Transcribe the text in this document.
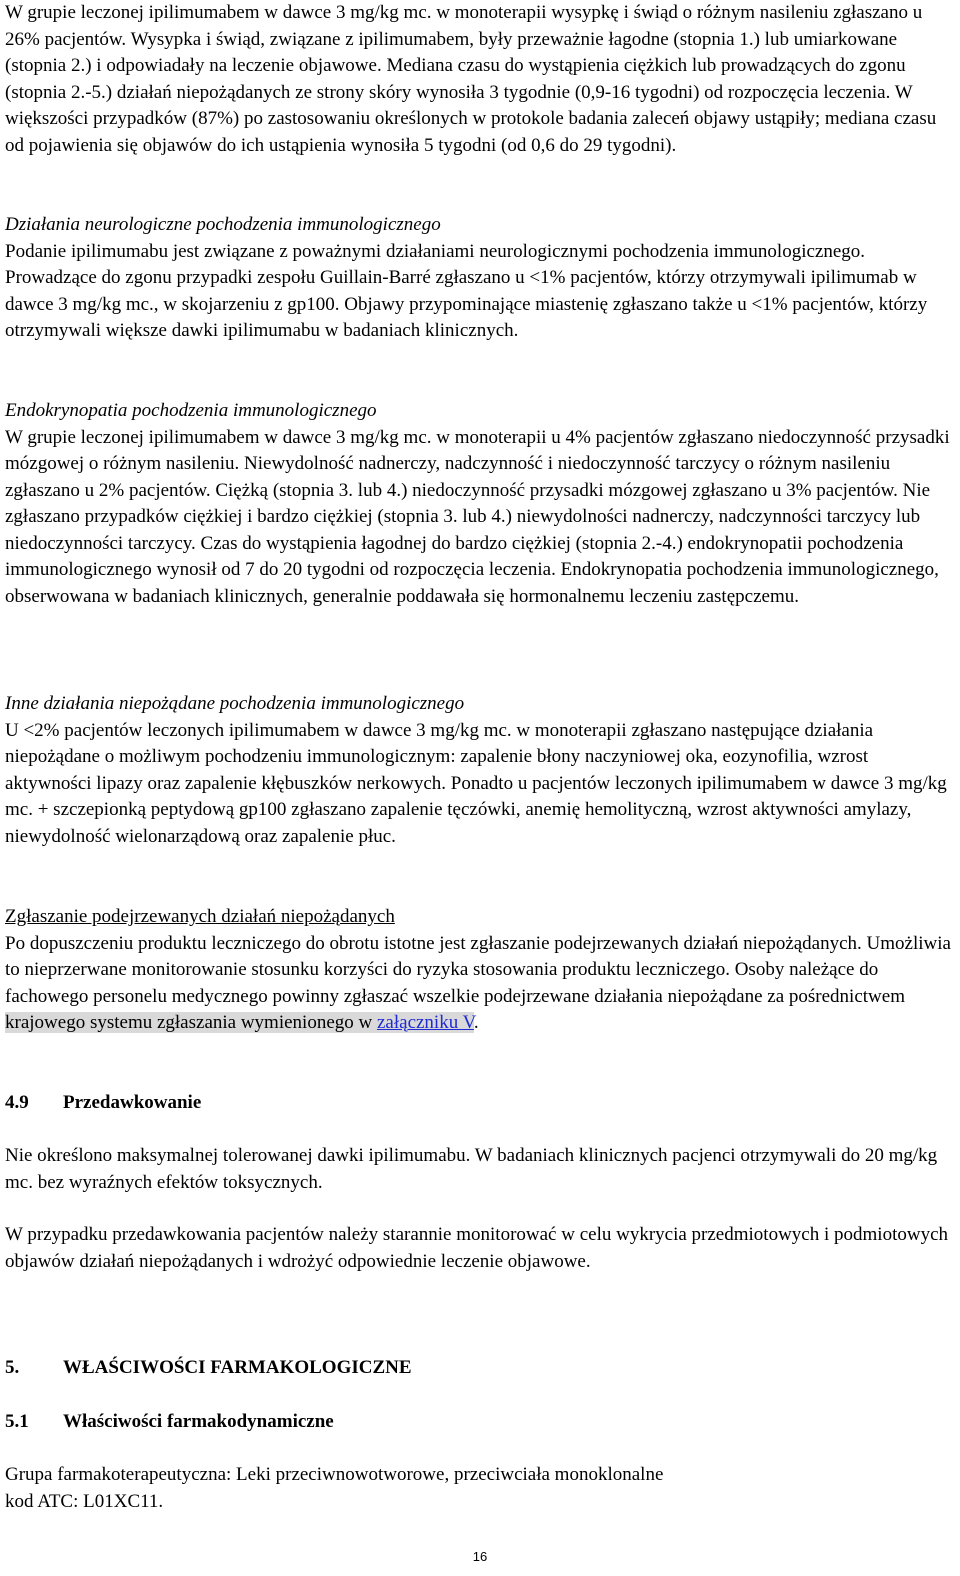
W grupie leczonej ipilimumabem w dawce 3 mg/kg mc. w monoterapii wysypkę i świąd o różnym nasileniu zgłaszano u 26% pacjentów. Wysypka i świąd, związane z ipilimumabem, były przeważnie łagodne (stopnia 1.) lub umiarkowane (stopnia 2.) i odpowiadały na leczenie objawowe. Mediana czasu do wystąpienia ciężkich lub prowadzących do zgonu (stopnia 2.-5.) działań niepożądanych ze strony skóry wynosiła 3 tygodnie (0,9-16 tygodni) od rozpoczęcia leczenia. W większości przypadków (87%) po zastosowaniu określonych w protokole badania zaleceń objawy ustąpiły; mediana czasu od pojawienia się objawów do ich ustąpienia wynosiła 5 tygodni (od 0,6 do 29 tygodni).

Działania neurologiczne pochodzenia immunologicznego

Podanie ipilimumabu jest związane z poważnymi działaniami neurologicznymi pochodzenia immunologicznego. Prowadzące do zgonu przypadki zespołu Guillain-Barré zgłaszano u <1% pacjentów, którzy otrzymywali ipilimumab w dawce 3 mg/kg mc., w skojarzeniu z gp100. Objawy przypominające miastenię zgłaszano także u <1% pacjentów, którzy otrzymywali większe dawki ipilimumabu w badaniach klinicznych.

Endokrynopatia pochodzenia immunologicznego

W grupie leczonej ipilimumabem w dawce 3 mg/kg mc. w monoterapii u 4% pacjentów zgłaszano niedoczynność przysadki mózgowej o różnym nasileniu. Niewydolność nadnerczy, nadczynność i niedoczynność tarczycy o różnym nasileniu zgłaszano u 2% pacjentów. Ciężką (stopnia 3. lub 4.) niedoczynność przysadki mózgowej zgłaszano u 3% pacjentów. Nie zgłaszano przypadków ciężkiej i bardzo ciężkiej (stopnia 3. lub 4.) niewydolności nadnerczy, nadczynności tarczycy lub niedoczynności tarczycy. Czas do wystąpienia łagodnej do bardzo ciężkiej (stopnia 2.-4.) endokrynopatii pochodzenia immunologicznego wynosił od 7 do 20 tygodni od rozpoczęcia leczenia. Endokrynopatia pochodzenia immunologicznego, obserwowana w badaniach klinicznych, generalnie poddawała się hormonalnemu leczeniu zastępczemu.

Inne działania niepożądane pochodzenia immunologicznego

U <2% pacjentów leczonych ipilimumabem w dawce 3 mg/kg mc. w monoterapii zgłaszano następujące działania niepożądane o możliwym pochodzeniu immunologicznym: zapalenie błony naczyniowej oka, eozynofilia, wzrost aktywności lipazy oraz zapalenie kłębuszków nerkowych. Ponadto u pacjentów leczonych ipilimumabem w dawce 3 mg/kg mc. + szczepionką peptydową gp100 zgłaszano zapalenie tęczówki, anemię hemolityczną, wzrost aktywności amylazy, niewydolność wielonarządową oraz zapalenie płuc.

Zgłaszanie podejrzewanych działań niepożądanych

Po dopuszczeniu produktu leczniczego do obrotu istotne jest zgłaszanie podejrzewanych działań niepożądanych. Umożliwia to nieprzerwane monitorowanie stosunku korzyści do ryzyka stosowania produktu leczniczego. Osoby należące do fachowego personelu medycznego powinny zgłaszać wszelkie podejrzewane działania niepożądane za pośrednictwem krajowego systemu zgłaszania wymienionego w załączniku V.

4.9 Przedawkowanie

Nie określono maksymalnej tolerowanej dawki ipilimumabu. W badaniach klinicznych pacjenci otrzymywali do 20 mg/kg mc. bez wyraźnych efektów toksycznych.

W przypadku przedawkowania pacjentów należy starannie monitorować w celu wykrycia przedmiotowych i podmiotowych objawów działań niepożądanych i wdrożyć odpowiednie leczenie objawowe.

5. WŁAŚCIWOŚCI FARMAKOLOGICZNE

5.1 Właściwości farmakodynamiczne

Grupa farmakoterapeutyczna: Leki przeciwnowotworowe, przeciwciała monoklonalne

kod ATC: L01XC11.

16
